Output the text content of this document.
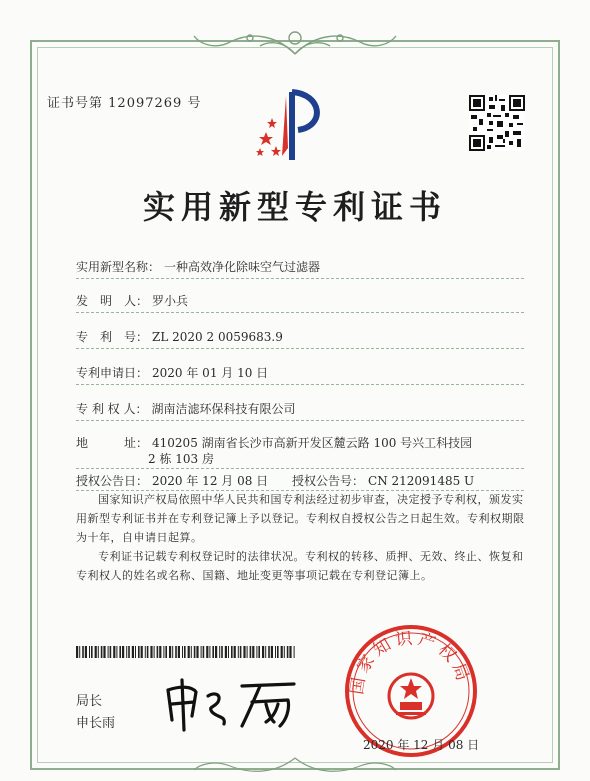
证书号第 12097269 号
实用新型专利证书
实用新型名称： 一种高效净化除味空气过滤器
发　明　人： 罗小兵
专　利　号： ZL 2020 2 0059683.9
专利申请日： 2020 年 01 月 10 日
专 利 权 人： 湖南洁滤环保科技有限公司
地　　　址： 410205 湖南省长沙市高新开发区麓云路 100 号兴工科技园
2 栋 103 房
授权公告日： 2020 年 12 月 08 日 授权公告号： CN 212091485 U

国家知识产权局依照中华人民共和国专利法经过初步审查，决定授予专利权，颁发实用新型专利证书并在专利登记簿上予以登记。专利权自授权公告之日起生效。专利权期限为十年，自申请日起算。

专利证书记载专利权登记时的法律状况。专利权的转移、质押、无效、终止、恢复和专利权人的姓名或名称、国籍、地址变更等事项记载在专利登记簿上。

局长
申长雨
国家知识产权局
2020 年 12 月 08 日
